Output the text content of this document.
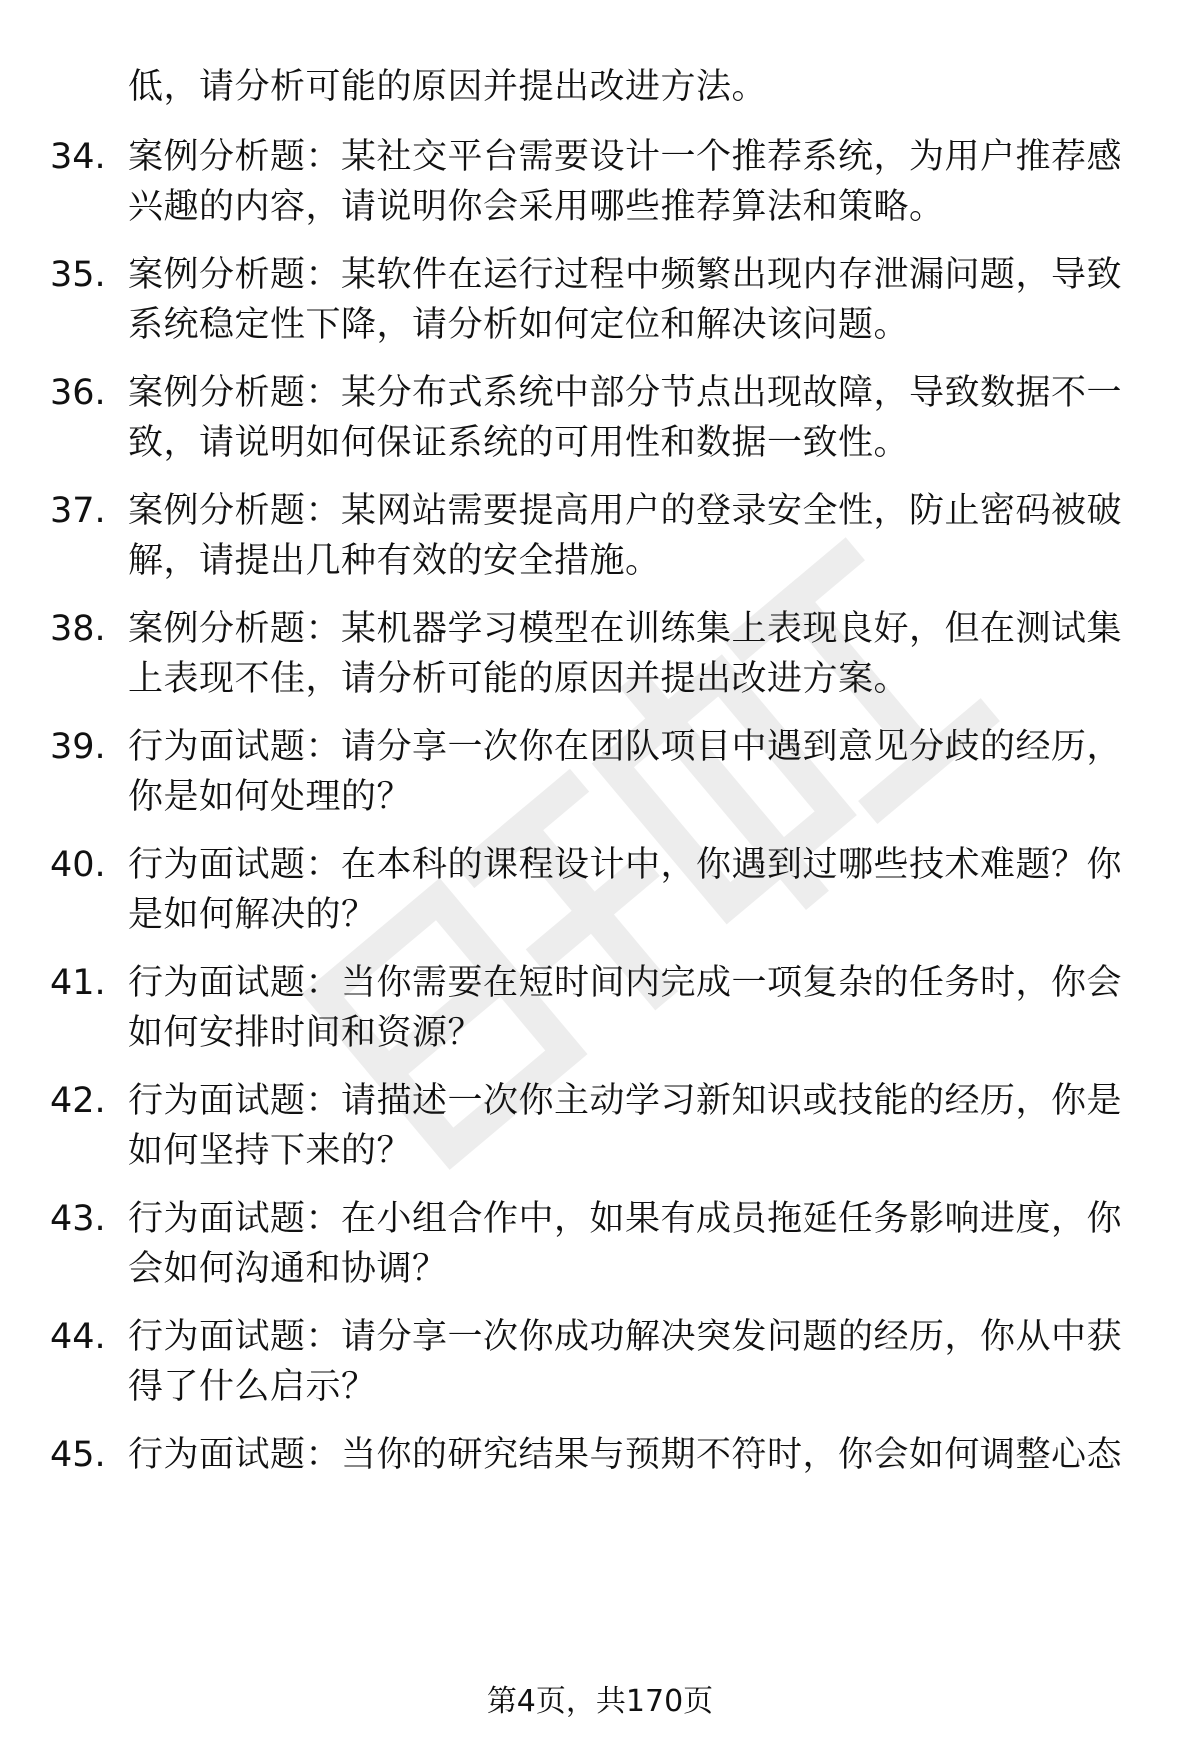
低，请分析可能的原因并提出改进方法。
34. 案例分析题：某社交平台需要设计一个推荐系统，为用户推荐感
兴趣的内容，请说明你会采用哪些推荐算法和策略。
35. 案例分析题：某软件在运行过程中频繁出现内存泄漏问题，导致
系统稳定性下降，请分析如何定位和解决该问题。
36. 案例分析题：某分布式系统中部分节点出现故障，导致数据不一
致，请说明如何保证系统的可用性和数据一致性。
37. 案例分析题：某网站需要提高用户的登录安全性，防止密码被破
解，请提出几种有效的安全措施。
38. 案例分析题：某机器学习模型在训练集上表现良好，但在测试集
上表现不佳，请分析可能的原因并提出改进方案。
39. 行为面试题：请分享一次你在团队项目中遇到意见分歧的经历，
你是如何处理的？
40. 行为面试题：在本科的课程设计中，你遇到过哪些技术难题？你
是如何解决的？
41. 行为面试题：当你需要在短时间内完成一项复杂的任务时，你会
如何安排时间和资源？
42. 行为面试题：请描述一次你主动学习新知识或技能的经历，你是
如何坚持下来的？
43. 行为面试题：在小组合作中，如果有成员拖延任务影响进度，你
会如何沟通和协调？
44. 行为面试题：请分享一次你成功解决突发问题的经历，你从中获
得了什么启示？
45. 行为面试题：当你的研究结果与预期不符时，你会如何调整心态
第4页，共170页
